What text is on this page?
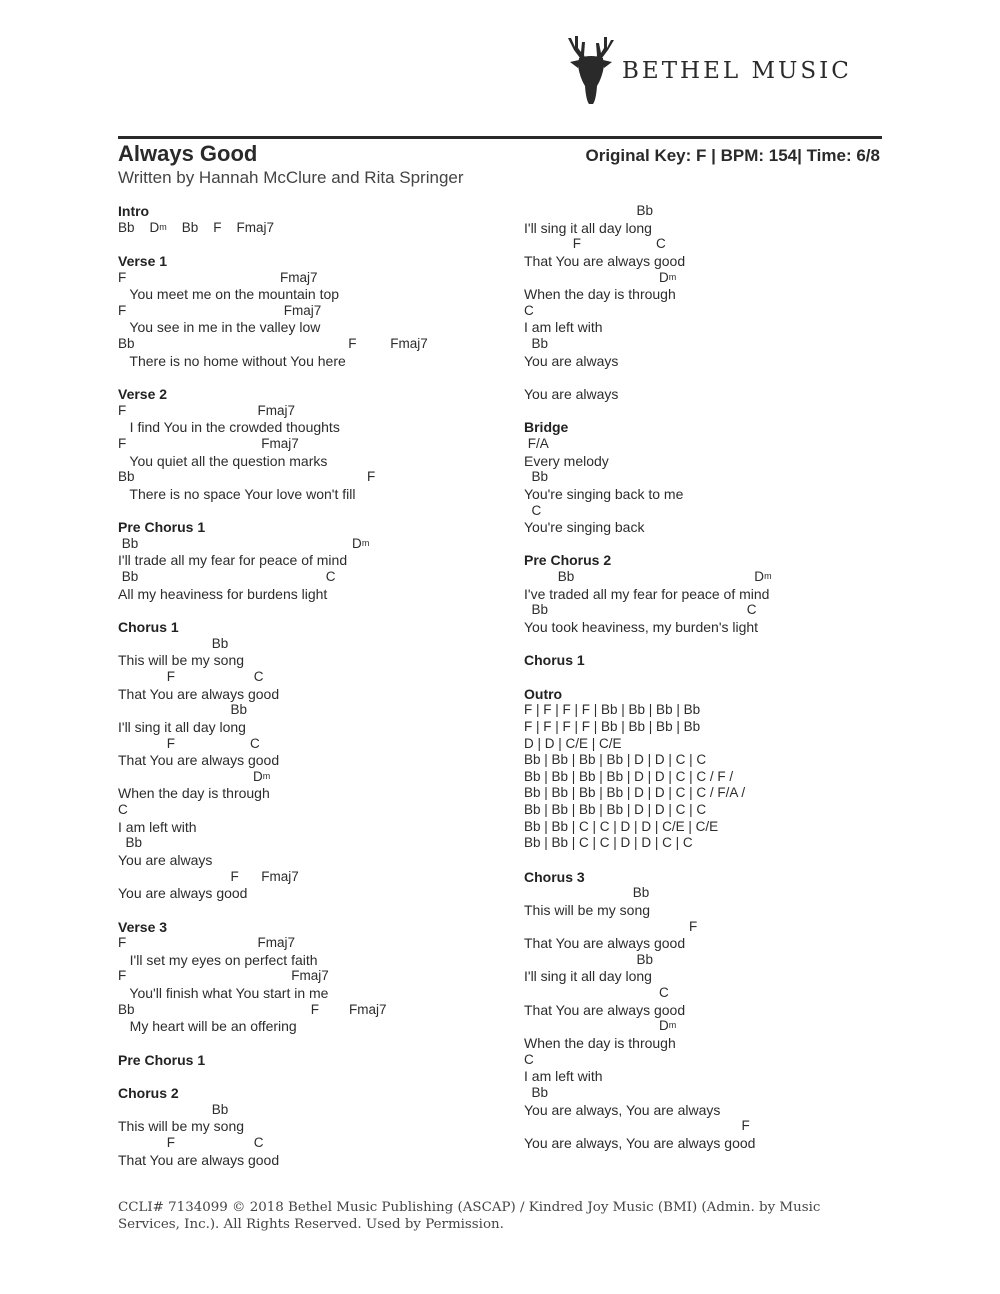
BETHEL MUSIC
Always Good	Original Key: F | BPM: 154| Time: 6/8
Written by Hannah McClure and Rita Springer
Intro
Bb    $D^m$    Bb    F    Fmaj7
Verse 1
F                                         Fmaj7
You meet me on the mountain top
F                                          Fmaj7
You see in me in the valley low
Bb                                                         F         Fmaj7
There is no home without You here
Verse 2
F                                   Fmaj7
I find You in the crowded thoughts
F                                    Fmaj7
You quiet all the question marks
Bb                                                              F
There is no space Your love won't fill
Pre Chorus 1
Bb                                                         $D^m$
I'll trade all my fear for peace of mind
Bb                                                  C
All my heaviness for burdens light
Chorus 1
Bb
This will be my song
F                     C
That You are always good
Bb
I'll sing it all day long
F                    C
That You are always good
$D^m$
When the day is through
C
I am left with
Bb
You are always
F      Fmaj7
You are always good
Verse 3
F                                   Fmaj7
I'll set my eyes on perfect faith
F                                            Fmaj7
You'll finish what You start in me
Bb                                               F        Fmaj7
My heart will be an offering
Pre Chorus 1
Chorus 2
Bb
This will be my song
F                     C
That You are always good
Bb
I'll sing it all day long
F                    C
That You are always good
$D^m$
When the day is through
C
I am left with
Bb
You are always
You are always
Bridge
F/A
Every melody
Bb
You're singing back to me
C
You're singing back
Pre Chorus 2
Bb                                                $D^m$
I've traded all my fear for peace of mind
Bb                                                     C
You took heaviness, my burden's light
Chorus 1
Outro
F | F | F | F | Bb | Bb | Bb | Bb
F | F | F | F | Bb | Bb | Bb | Bb
D | D | C/E | C/E
Bb | Bb | Bb | Bb | D | D | C | C
Bb | Bb | Bb | Bb | D | D | C | C / F /
Bb | Bb | Bb | Bb | D | D | C | C / F/A /
Bb | Bb | Bb | Bb | D | D | C | C
Bb | Bb | C | C | D | D | C/E | C/E
Bb | Bb | C | C | D | D | C | C
Chorus 3
Bb
This will be my song
F
That You are always good
Bb
I'll sing it all day long
C
That You are always good
$D^m$
When the day is through
C
I am left with
Bb
You are always, You are always
F
You are always, You are always good
CCLI# 7134099 © 2018 Bethel Music Publishing (ASCAP) / Kindred Joy Music (BMI) (Admin. by Music Services, Inc.). All Rights Reserved. Used by Permission.
